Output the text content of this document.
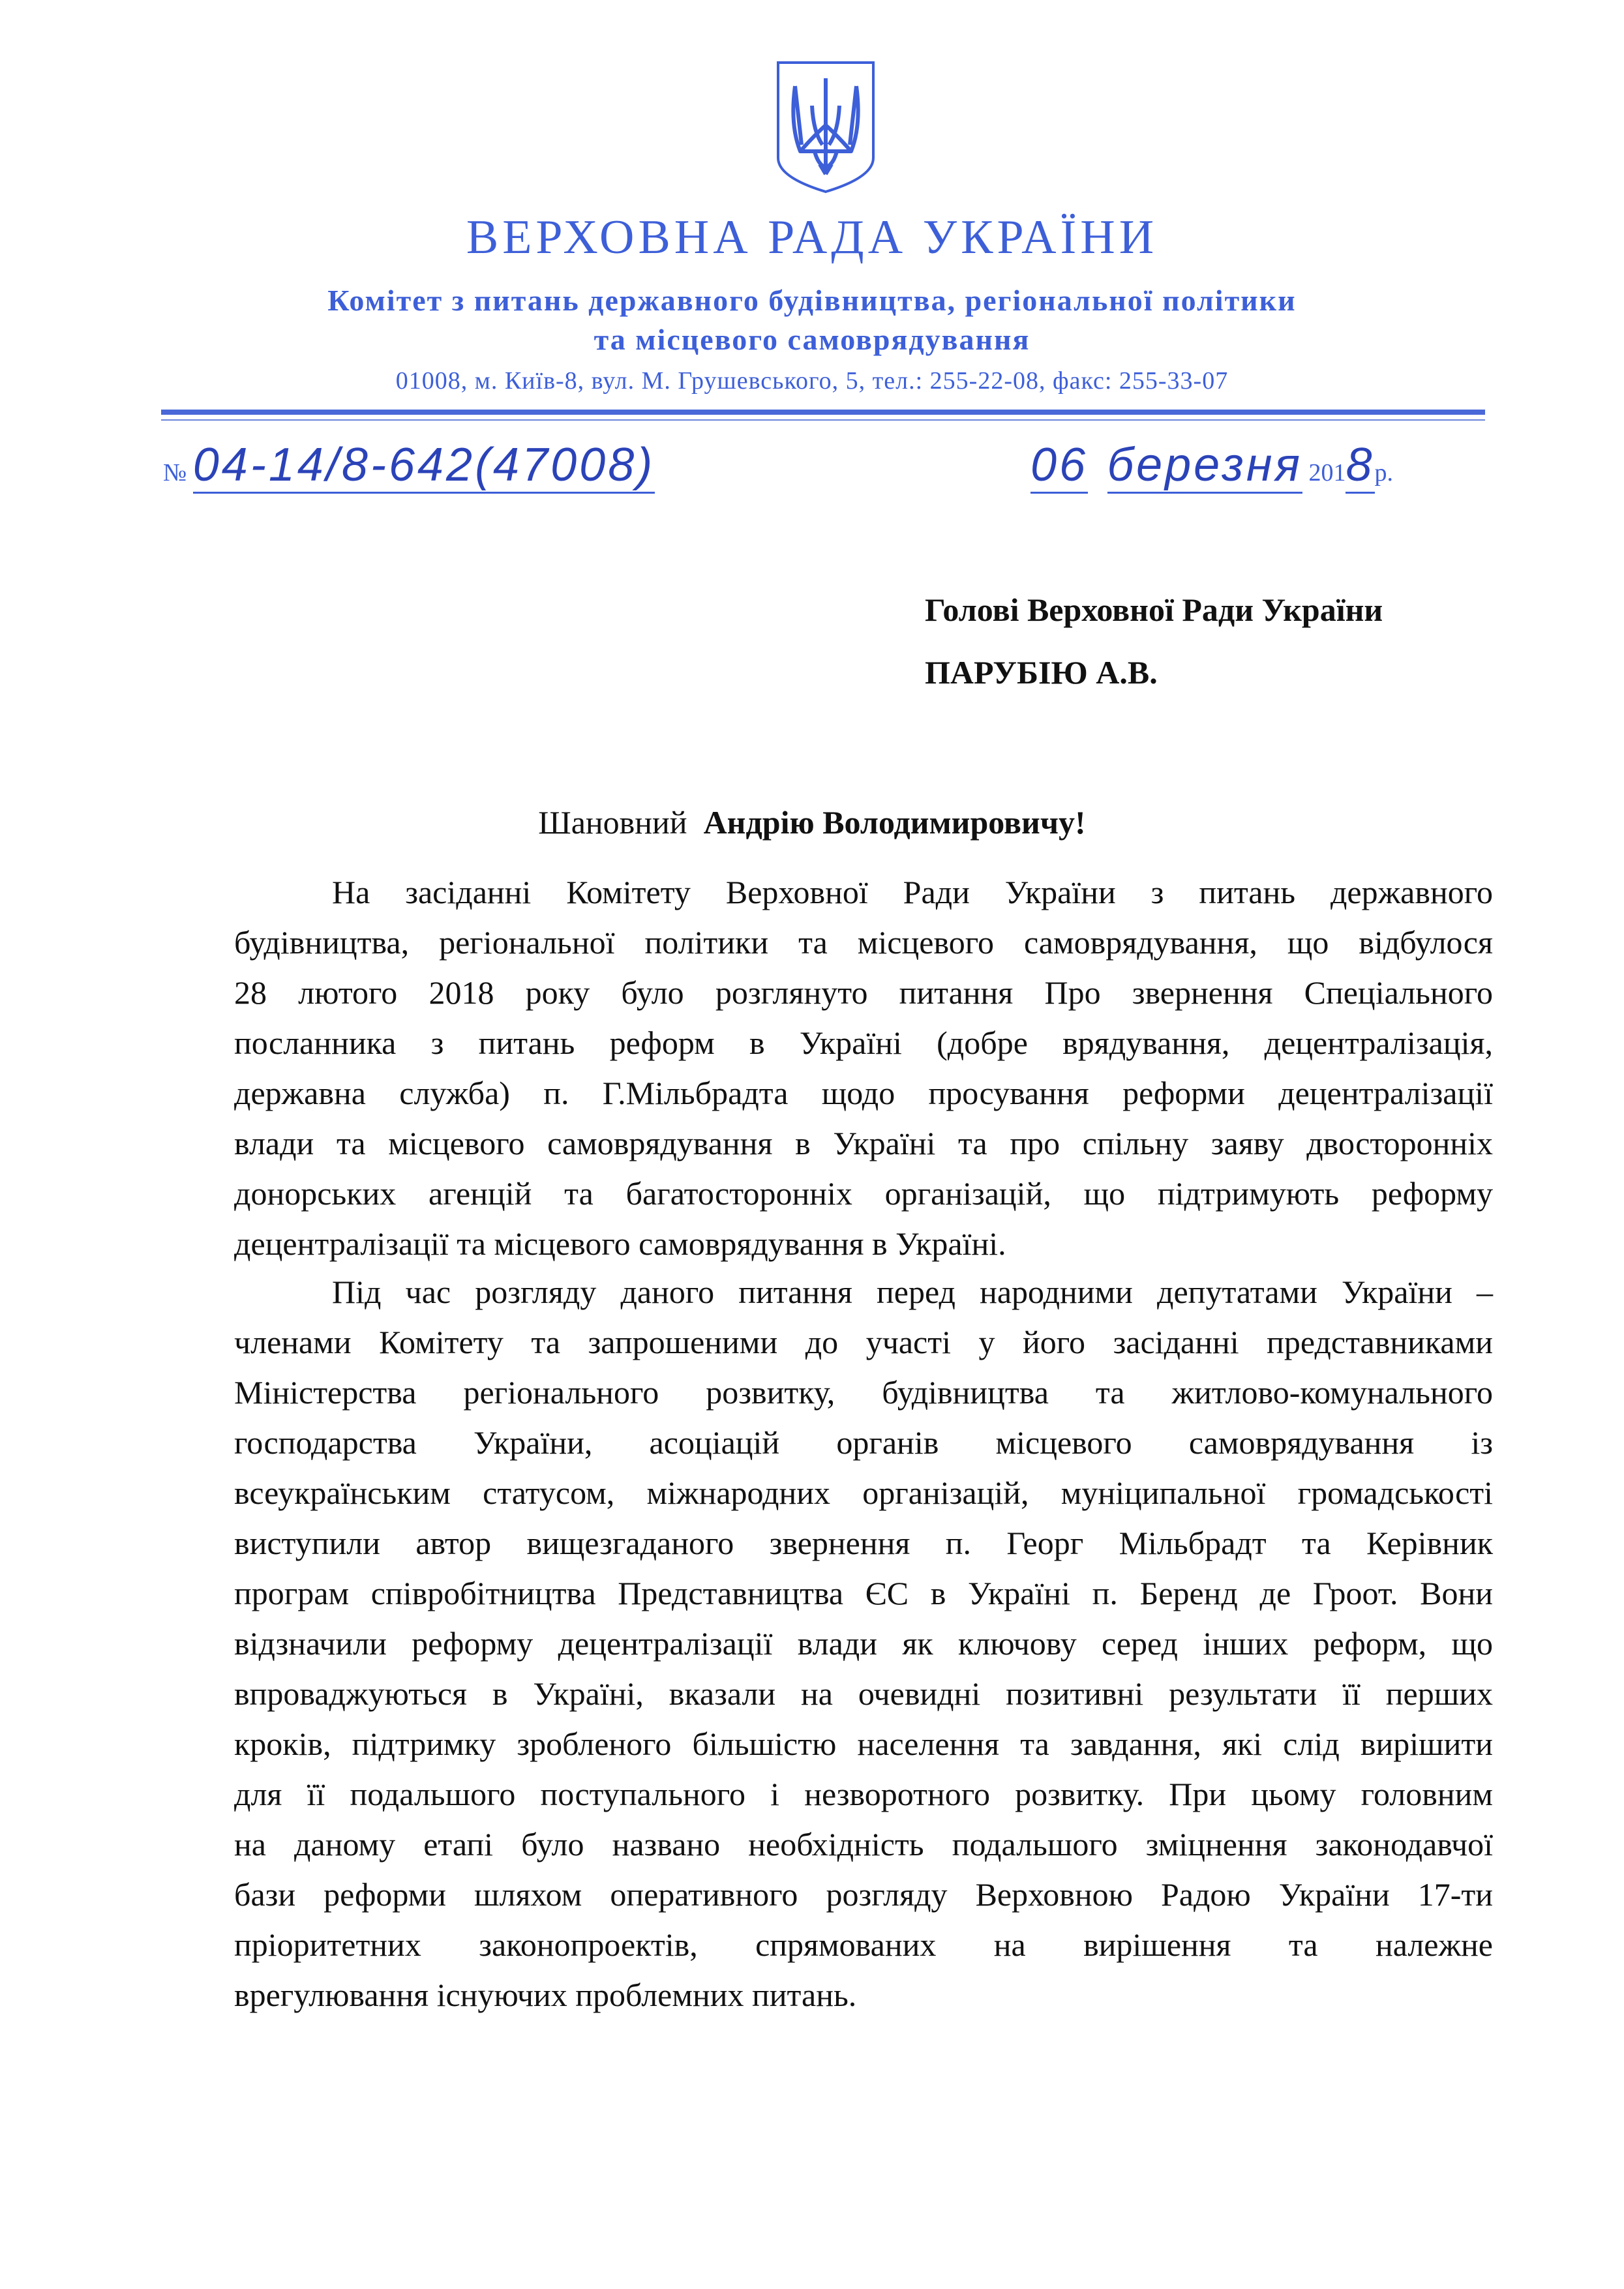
ВЕРХОВНА РАДА УКРАЇНИ
Комітет з питань державного будівництва, регіональної політики
та місцевого самоврядування
01008, м. Київ-8, вул. М. Грушевського, 5, тел.: 255-22-08, факс: 255-33-07
№ 04-14/8-642(47008)	06 березня 2018р.
Голові Верховної Ради України
ПАРУБІЮ А.В.
Шановний Андрію Володимировичу!
На засіданні Комітету Верховної Ради України з питань державного
будівництва, регіональної політики та місцевого самоврядування, що відбулося
28 лютого 2018 року було розглянуто питання Про звернення Спеціального
посланника з питань реформ в Україні (добре врядування, децентралізація,
державна служба) п. Г.Мільбрадта щодо просування реформи децентралізації
влади та місцевого самоврядування в Україні та про спільну заяву двосторонніх
донорських агенцій та багатосторонніх організацій, що підтримують реформу
децентралізації та місцевого самоврядування в Україні.
Під час розгляду даного питання перед народними депутатами України –
членами Комітету та запрошеними до участі у його засіданні представниками
Міністерства регіонального розвитку, будівництва та житлово-комунального
господарства України, асоціацій органів місцевого самоврядування із
всеукраїнським статусом, міжнародних організацій, муніципальної громадськості
виступили автор вищезгаданого звернення п. Георг Мільбрадт та Керівник
програм співробітництва Представництва ЄС в Україні п. Беренд де Гроот. Вони
відзначили реформу децентралізації влади як ключову серед інших реформ, що
впроваджуються в Україні, вказали на очевидні позитивні результати її перших
кроків, підтримку зробленого більшістю населення та завдання, які слід вирішити
для її подальшого поступального і незворотного розвитку. При цьому головним
на даному етапі було названо необхідність подальшого зміцнення законодавчої
бази реформи шляхом оперативного розгляду Верховною Радою України 17-ти
пріоритетних законопроектів, спрямованих на вирішення та належне
врегулювання існуючих проблемних питань.
